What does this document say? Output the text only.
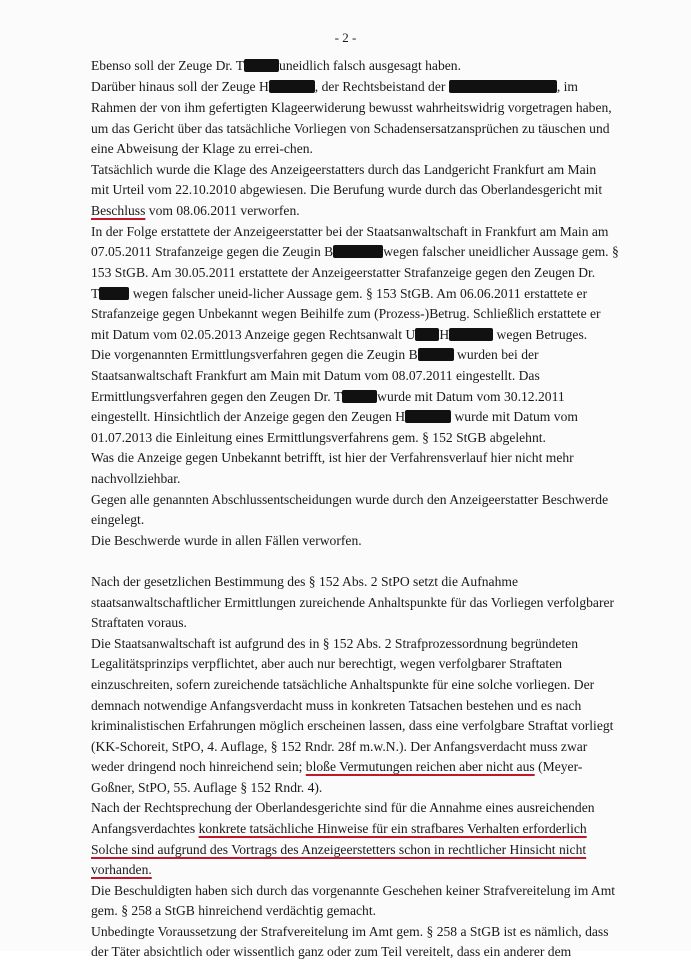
- 2 -
Ebenso soll der Zeuge Dr. T	uneidlich falsch ausgesagt haben.
Darüber hinaus soll der Zeuge H	, der Rechtsbeistand der	, im
Rahmen der von ihm gefertigten Klageerwiderung bewusst wahrheitswidrig vorgetragen haben,
um das Gericht über das tatsächliche Vorliegen von Schadensersatzansprüchen zu täuschen und
eine Abweisung der Klage zu errei-chen.
Tatsächlich wurde die Klage des Anzeigeerstatters durch das Landgericht Frankfurt am Main
mit Urteil vom 22.10.2010 abgewiesen. Die Berufung wurde durch das Oberlandesgericht mit
Beschluss vom 08.06.2011 verworfen.
In der Folge erstattete der Anzeigeerstatter bei der Staatsanwaltschaft in Frankfurt am Main am
07.05.2011 Strafanzeige gegen die Zeugin B	wegen falscher uneidlicher Aussage gem. §
153 StGB. Am 30.05.2011 erstattete der Anzeigeerstatter Strafanzeige gegen den Zeugen Dr.
T wegen falscher uneid-licher Aussage gem. § 153 StGB. Am 06.06.2011 erstattete er
Strafanzeige gegen Unbekannt wegen Beihilfe zum (Prozess-)Betrug. Schließlich erstattete er
mit Datum vom 02.05.2013 Anzeige gegen Rechtsanwalt U H	wegen Betruges.
Die vorgenannten Ermittlungsverfahren gegen die Zeugin B	wurden bei der
Staatsanwaltschaft Frankfurt am Main mit Datum vom 08.07.2011 eingestellt. Das
Ermittlungsverfahren gegen den Zeugen Dr. T	wurde mit Datum vom 30.12.2011
eingestellt. Hinsichtlich der Anzeige gegen den Zeugen H	wurde mit Datum vom
01.07.2013 die Einleitung eines Ermittlungsverfahrens gem. § 152 StGB abgelehnt.
Was die Anzeige gegen Unbekannt betrifft, ist hier der Verfahrensverlauf hier nicht mehr
nachvollziehbar.
Gegen alle genannten Abschlussentscheidungen wurde durch den Anzeigeerstatter Beschwerde
eingelegt.
Die Beschwerde wurde in allen Fällen verworfen.
Nach der gesetzlichen Bestimmung des § 152 Abs. 2 StPO setzt die Aufnahme
staatsanwaltschaftlicher Ermittlungen zureichende Anhaltspunkte für das Vorliegen verfolgbarer
Straftaten voraus.
Die Staatsanwaltschaft ist aufgrund des in § 152 Abs. 2 Strafprozessordnung begründeten
Legalitätsprinzips verpflichtet, aber auch nur berechtigt, wegen verfolgbarer Straftaten
einzuschreiten, sofern zureichende tatsächliche Anhaltspunkte für eine solche vorliegen. Der
demnach notwendige Anfangsverdacht muss in konkreten Tatsachen bestehen und es nach
kriminalistischen Erfahrungen möglich erscheinen lassen, dass eine verfolgbare Straftat vorliegt
(KK-Schoreit, StPO, 4. Auflage, § 152 Rndr. 28f m.w.N.). Der Anfangsverdacht muss zwar
weder dringend noch hinreichend sein; bloße Vermutungen reichen aber nicht aus (Meyer-
Goßner, StPO, 55. Auflage § 152 Rndr. 4).
Nach der Rechtsprechung der Oberlandesgerichte sind für die Annahme eines ausreichenden
Anfangsverdachtes konkrete tatsächliche Hinweise für ein strafbares Verhalten erforderlich
Solche sind aufgrund des Vortrags des Anzeigeerstetters schon in rechtlicher Hinsicht nicht
vorhanden.
Die Beschuldigten haben sich durch das vorgenannte Geschehen keiner Strafvereitelung im Amt
gem. § 258 a StGB hinreichend verdächtig gemacht.
Unbedingte Voraussetzung der Strafvereitelung im Amt gem. § 258 a StGB ist es nämlich, dass
der Täter absichtlich oder wissentlich ganz oder zum Teil vereitelt, dass ein anderer dem
